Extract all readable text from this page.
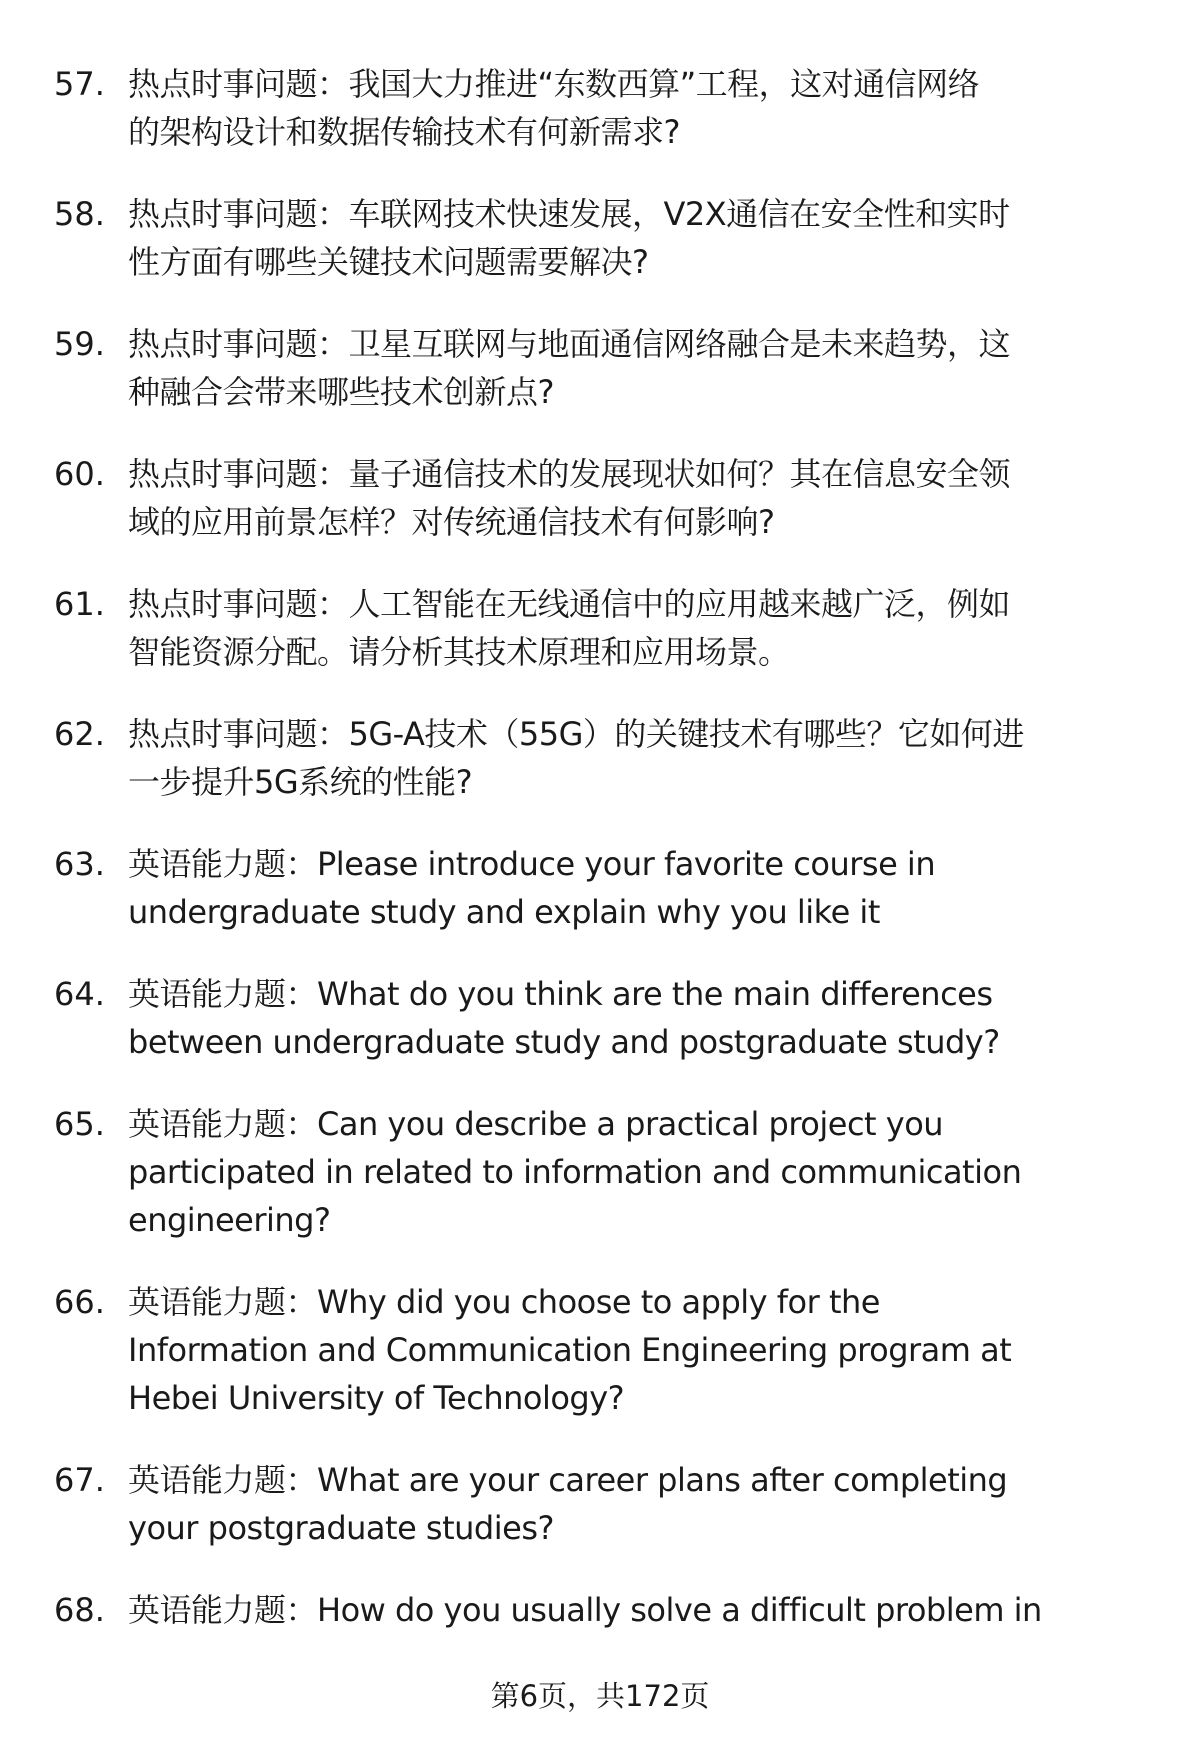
57. 热点时事问题：我国大力推进“东数西算”工程，这对通信网络
的架构设计和数据传输技术有何新需求?
58. 热点时事问题：车联网技术快速发展，V2X通信在安全性和实时
性方面有哪些关键技术问题需要解决?
59. 热点时事问题：卫星互联网与地面通信网络融合是未来趋势，这
种融合会带来哪些技术创新点?
60. 热点时事问题：量子通信技术的发展现状如何？其在信息安全领
域的应用前景怎样？对传统通信技术有何影响?
61. 热点时事问题：人工智能在无线通信中的应用越来越广泛，例如
智能资源分配。请分析其技术原理和应用场景。
62. 热点时事问题：5G-A技术（55G）的关键技术有哪些？它如何进
一步提升5G系统的性能?
63. 英语能力题：Please introduce your favorite course in
undergraduate study and explain why you like it
64. 英语能力题：What do you think are the main differences
between undergraduate study and postgraduate study?
65. 英语能力题：Can you describe a practical project you
participated in related to information and communication
engineering?
66. 英语能力题：Why did you choose to apply for the
Information and Communication Engineering program at
Hebei University of Technology?
67. 英语能力题：What are your career plans after completing
your postgraduate studies?
68. 英语能力题：How do you usually solve a difficult problem in
第6页，共172页
